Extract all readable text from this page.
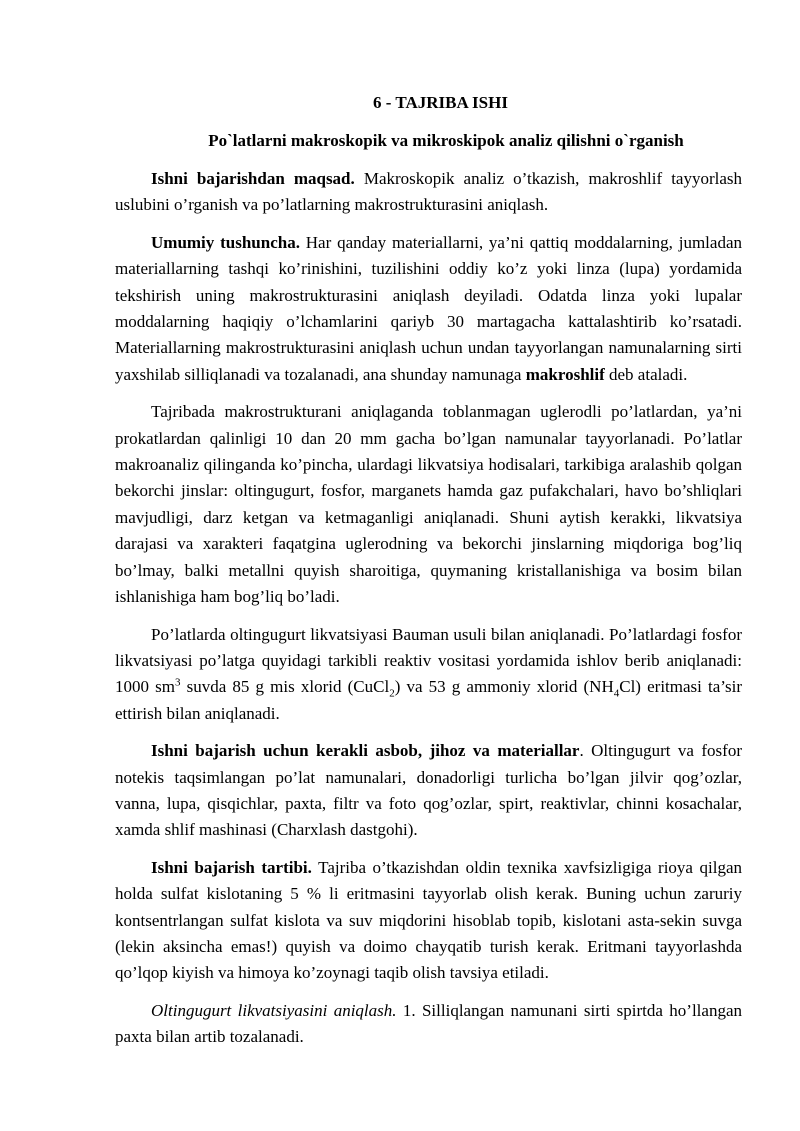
6 - TAJRIBA ISHI
Po`latlarni makroskopik va mikroskipok analiz qilishni o`rganish

Ishni bajarishdan maqsad. Makroskopik analiz o’tkazish, makroshlif tayyorlash uslubini o’rganish va po’latlarning makrostrukturasini aniqlash.

Umumiy tushuncha. Har qanday materiallarni, ya’ni qattiq moddalarning, jumladan materiallarning tashqi ko’rinishini, tuzilishini oddiy ko’z yoki linza (lupa) yordamida tekshirish uning makrostrukturasini aniqlash deyiladi. Odatda linza yoki lupalar moddalarning haqiqiy o’lchamlarini qariyb 30 martagacha kattalashtirib ko’rsatadi. Materiallarning makrostrukturasini aniqlash uchun undan tayyorlangan namunalarning sirti yaxshilab silliqlanadi va tozalanadi, ana shunday namunaga makroshlif deb ataladi.

Tajribada makrostrukturani aniqlaganda toblanmagan uglerodli po’latlardan, ya’ni prokatlardan qalinligi 10 dan 20 mm gacha bo’lgan namunalar tayyorlanadi. Po’latlar makroanaliz qilinganda ko’pincha, ulardagi likvatsiya hodisalari, tarkibiga aralashib qolgan bekorchi jinslar: oltingugurt, fosfor, marganets hamda gaz pufakchalari, havo bo’shliqlari mavjudligi, darz ketgan va ketmaganligi aniqlanadi. Shuni aytish kerakki, likvatsiya darajasi va xarakteri faqatgina uglerodning va bekorchi jinslarning miqdoriga bog’liq bo’lmay, balki metallni quyish sharoitiga, quymaning kristallanishiga va bosim bilan ishlanishiga ham bog’liq bo’ladi.

Po’latlarda oltingugurt likvatsiyasi Bauman usuli bilan aniqlanadi. Po’latlardagi fosfor likvatsiyasi po’latga quyidagi tarkibli reaktiv vositasi yordamida ishlov berib aniqlanadi: 1000 $sm^3$ suvda 85 g mis xlorid (CuCl$_2$) va 53 g ammoniy xlorid $(NH_4Cl)$ eritmasi ta’sir ettirish bilan aniqlanadi.

Ishni bajarish uchun kerakli asbob, jihoz va materiallar. Oltingugurt va fosfor notekis taqsimlangan po’lat namunalari, donadorligi turlicha bo’lgan jilvir qog’ozlar, vanna, lupa, qisqichlar, paxta, filtr va foto qog’ozlar, spirt, reaktivlar, chinni kosachalar, xamda shlif mashinasi (Charxlash dastgohi).

Ishni bajarish tartibi. Tajriba o’tkazishdan oldin texnika xavfsizligiga rioya qilgan holda sulfat kislotaning 5 % li eritmasini tayyorlab olish kerak. Buning uchun zaruriy kontsentrlangan sulfat kislota va suv miqdorini hisoblab topib, kislotani asta-sekin suvga (lekin aksincha emas!) quyish va doimo chayqatib turish kerak. Eritmani tayyorlashda qo’lqop kiyish va himoya ko’zoynagi taqib olish tavsiya etiladi.

Oltingugurt likvatsiyasini aniqlash. 1. Silliqlangan namunani sirti spirtda ho’llangan paxta bilan artib tozalanadi.
